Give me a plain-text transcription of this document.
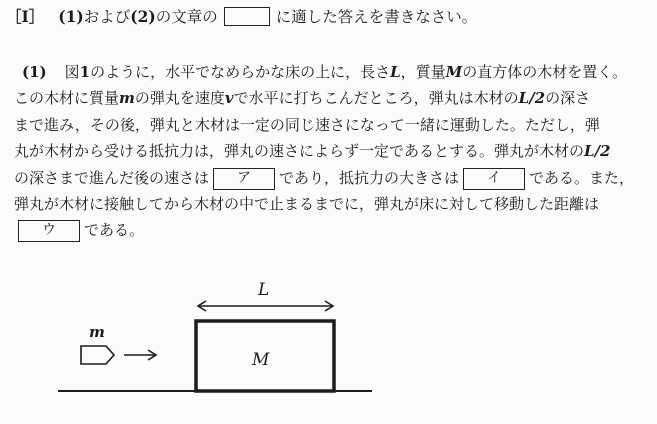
［Ⅰ］ (1)および(2)の文章の	に適した答えを書きなさい。
(1) 図1のように，水平でなめらかな床の上に，長さL，質量Mの直方体の木材を置く。
この木材に質量mの弾丸を速度vで水平に打ちこんだところ，弾丸は木材のL/2の深さ
まで進み，その後，弾丸と木材は一定の同じ速さになって一緒に運動した。ただし，弾
丸が木材から受ける抵抗力は，弾丸の速さによらず一定であるとする。弾丸が木材のL/2
の深さまで進んだ後の速さは ア であり，抵抗力の大きさは イ である。また，
弾丸が木材に接触してから木材の中で止まるまでに，弾丸が床に対して移動した距離は
ウ である。
L
M
m
